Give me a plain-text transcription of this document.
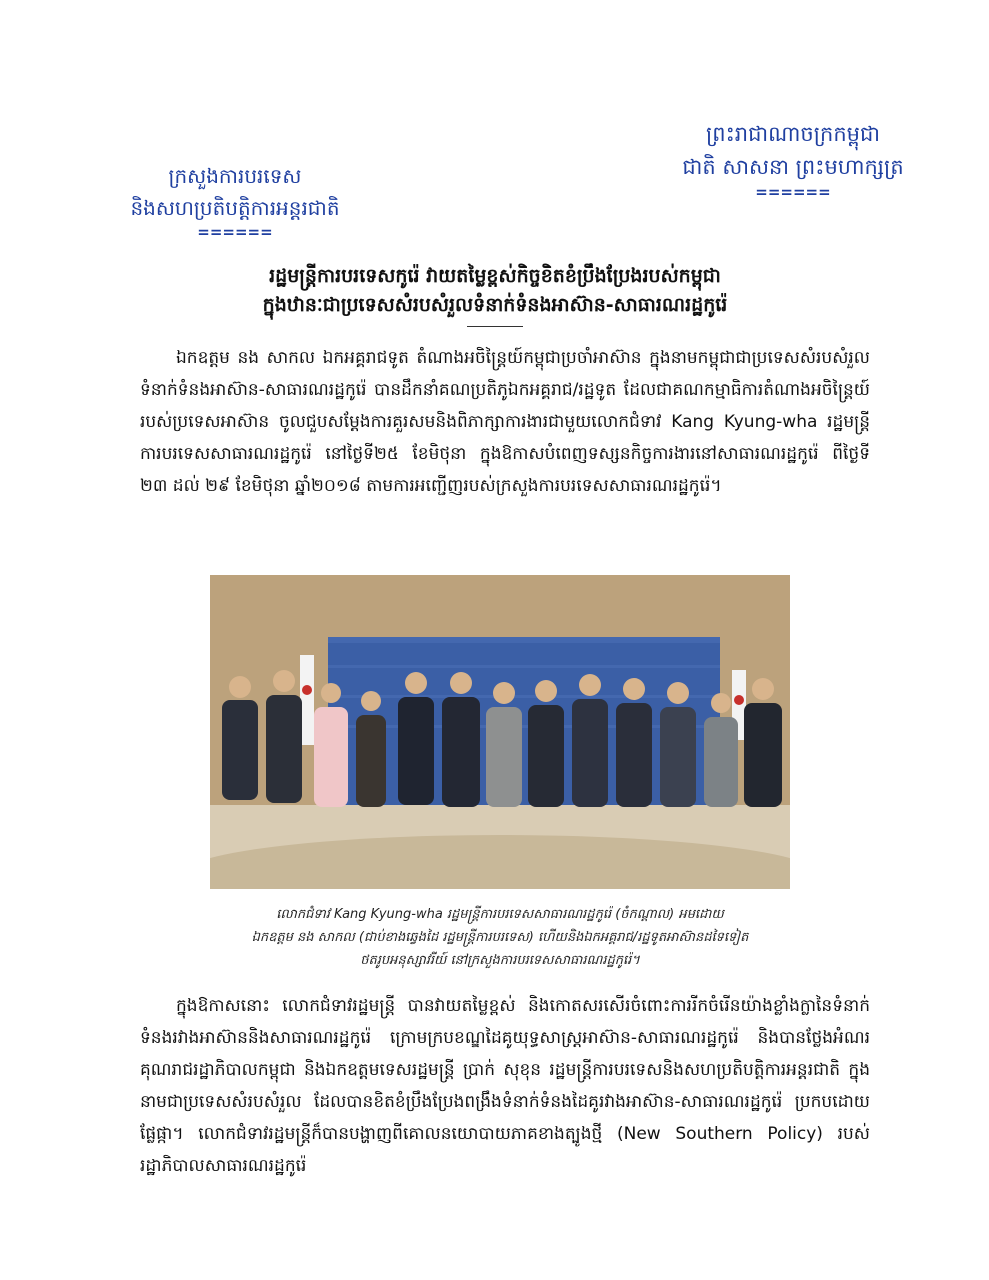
ព្រះរាជាណាចក្រកម្ពុជា
ជាតិ សាសនា ព្រះមហាក្សត្រ
======
ក្រសួងការបរទេស
និងសហប្រតិបត្តិការអន្តរជាតិ
======
រដ្ឋមន្ត្រីការបរទេសកូរ៉េ វាយតម្លៃខ្ពស់កិច្ចខិតខំប្រឹងប្រែងរបស់កម្ពុជា
ក្នុងឋានៈជាប្រទេសសំរបសំរួលទំនាក់ទំនងអាស៊ាន-សាធារណរដ្ឋកូរ៉េ

ឯកឧត្តម នង សាកល ឯកអគ្គរាជទូត តំណាងអចិន្ត្រៃយ៍កម្ពុជាប្រចាំអាស៊ាន ក្នុងនាមកម្ពុជាជាប្រទេសសំរបសំរួលទំនាក់ទំនងអាស៊ាន-សាធារណរដ្ឋកូរ៉េ បានដឹកនាំគណប្រតិភូឯកអគ្គរាជ/រដ្ឋទូត ដែលជាគណកម្មាធិការតំណាងអចិន្ត្រៃយ៍របស់ប្រទេសអាស៊ាន ចូលជួបសម្តែងការគួរសមនិងពិភាក្សាការងារជាមួយលោកជំទាវ Kang Kyung-wha រដ្ឋមន្ត្រីការបរទេសសាធារណរដ្ឋកូរ៉េ នៅថ្ងៃទី២៥ ខែមិថុនា ក្នុងឱកាសបំពេញទស្សនកិច្ចការងារនៅសាធារណរដ្ឋកូរ៉េ ពីថ្ងៃទី ២៣ ដល់ ២៩ ខែមិថុនា ឆ្នាំ២០១៨ តាមការអញ្ជើញរបស់ក្រសួងការបរទេសសាធារណរដ្ឋកូរ៉េ។

លោកជំទាវ Kang Kyung-wha រដ្ឋមន្ត្រីការបរទេសសាធារណរដ្ឋកូរ៉េ (ចំកណ្តាល) អមដោយ
ឯកឧត្តម នង សាកល (ជាប់ខាងឆ្វេងដៃ រដ្ឋមន្ត្រីការបរទេស) ហើយនិងឯកអគ្គរាជ/រដ្ឋទូតអាស៊ានដទៃទៀត
ថតរូបអនុស្សាវរីយ៍ នៅក្រសួងការបរទេសសាធារណរដ្ឋកូរ៉េ។

ក្នុងឱកាសនោះ លោកជំទាវរដ្ឋមន្ត្រី បានវាយតម្លៃខ្ពស់ និងកោតសរសើរចំពោះការរីកចំរើនយ៉ាងខ្លាំងក្លានៃទំនាក់ទំនងរវាងអាស៊ាននិងសាធារណរដ្ឋកូរ៉េ ក្រោមក្របខណ្ឌដៃគូយុទ្ធសាស្ត្រអាស៊ាន-សាធារណរដ្ឋកូរ៉េ និងបានថ្លែងអំណរគុណរាជរដ្ឋាភិបាលកម្ពុជា និងឯកឧត្តមទេសរដ្ឋមន្ត្រី ប្រាក់ សុខុន រដ្ឋមន្ត្រីការបរទេសនិងសហប្រតិបត្តិការអន្តរជាតិ ក្នុងនាមជាប្រទេសសំរបសំរួល ដែលបានខិតខំប្រឹងប្រែងពង្រឹងទំនាក់ទំនងដៃគូរវាងអាស៊ាន-សាធារណរដ្ឋកូរ៉េ ប្រកបដោយផ្លែផ្កា។ លោកជំទាវរដ្ឋមន្ត្រីក៏បានបង្ហាញពីគោលនយោបាយភាគខាងត្បូងថ្មី (New Southern Policy) របស់រដ្ឋាភិបាលសាធារណរដ្ឋកូរ៉េ
